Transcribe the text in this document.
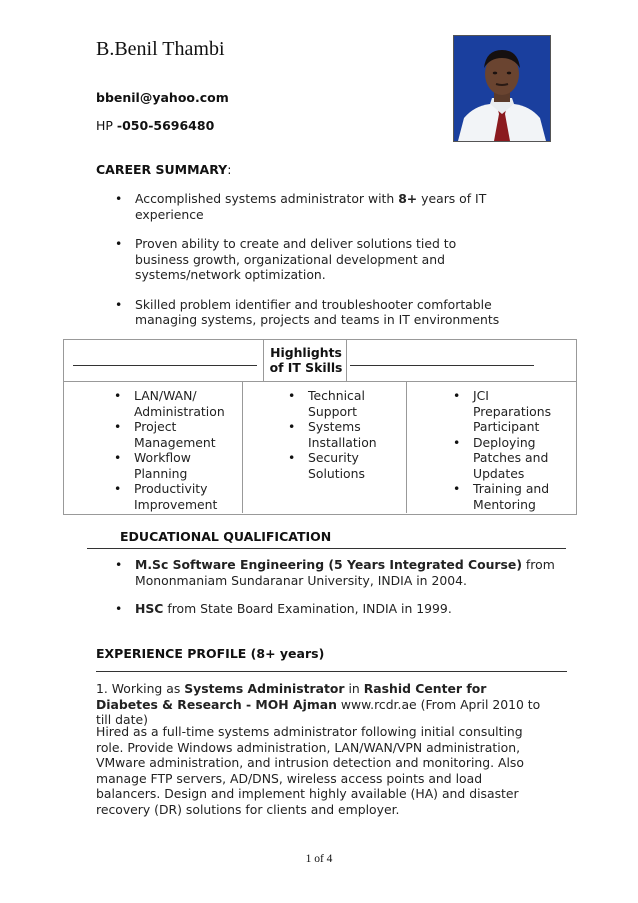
B.Benil Thambi
bbenil@yahoo.com
HP -050-5696480
CAREER SUMMARY:
• Accomplished systems administrator with 8+ years of IT experience
• Proven ability to create and deliver solutions tied to business growth, organizational development and systems/network optimization.
• Skilled problem identifier and troubleshooter comfortable managing systems, projects and teams in IT environments
Highlights
of IT Skills
• LAN/WAN/ Administration
• Project Management
• Workflow Planning
• Productivity Improvement
• Technical Support
• Systems Installation
• Security Solutions
• JCI Preparations Participant
• Deploying Patches and Updates
• Training and Mentoring
EDUCATIONAL QUALIFICATION
• M.Sc Software Engineering (5 Years Integrated Course) from Mononmaniam Sundaranar University, INDIA in 2004.
• HSC from State Board Examination, INDIA in 1999.
EXPERIENCE PROFILE (8+ years)
1. Working as Systems Administrator in Rashid Center for Diabetes & Research - MOH Ajman www.rcdr.ae (From April 2010 to till date)
Hired as a full-time systems administrator following initial consulting role. Provide Windows administration, LAN/WAN/VPN administration, VMware administration, and intrusion detection and monitoring. Also manage FTP servers, AD/DNS, wireless access points and load balancers. Design and implement highly available (HA) and disaster recovery (DR) solutions for clients and employer.
1 of 4
